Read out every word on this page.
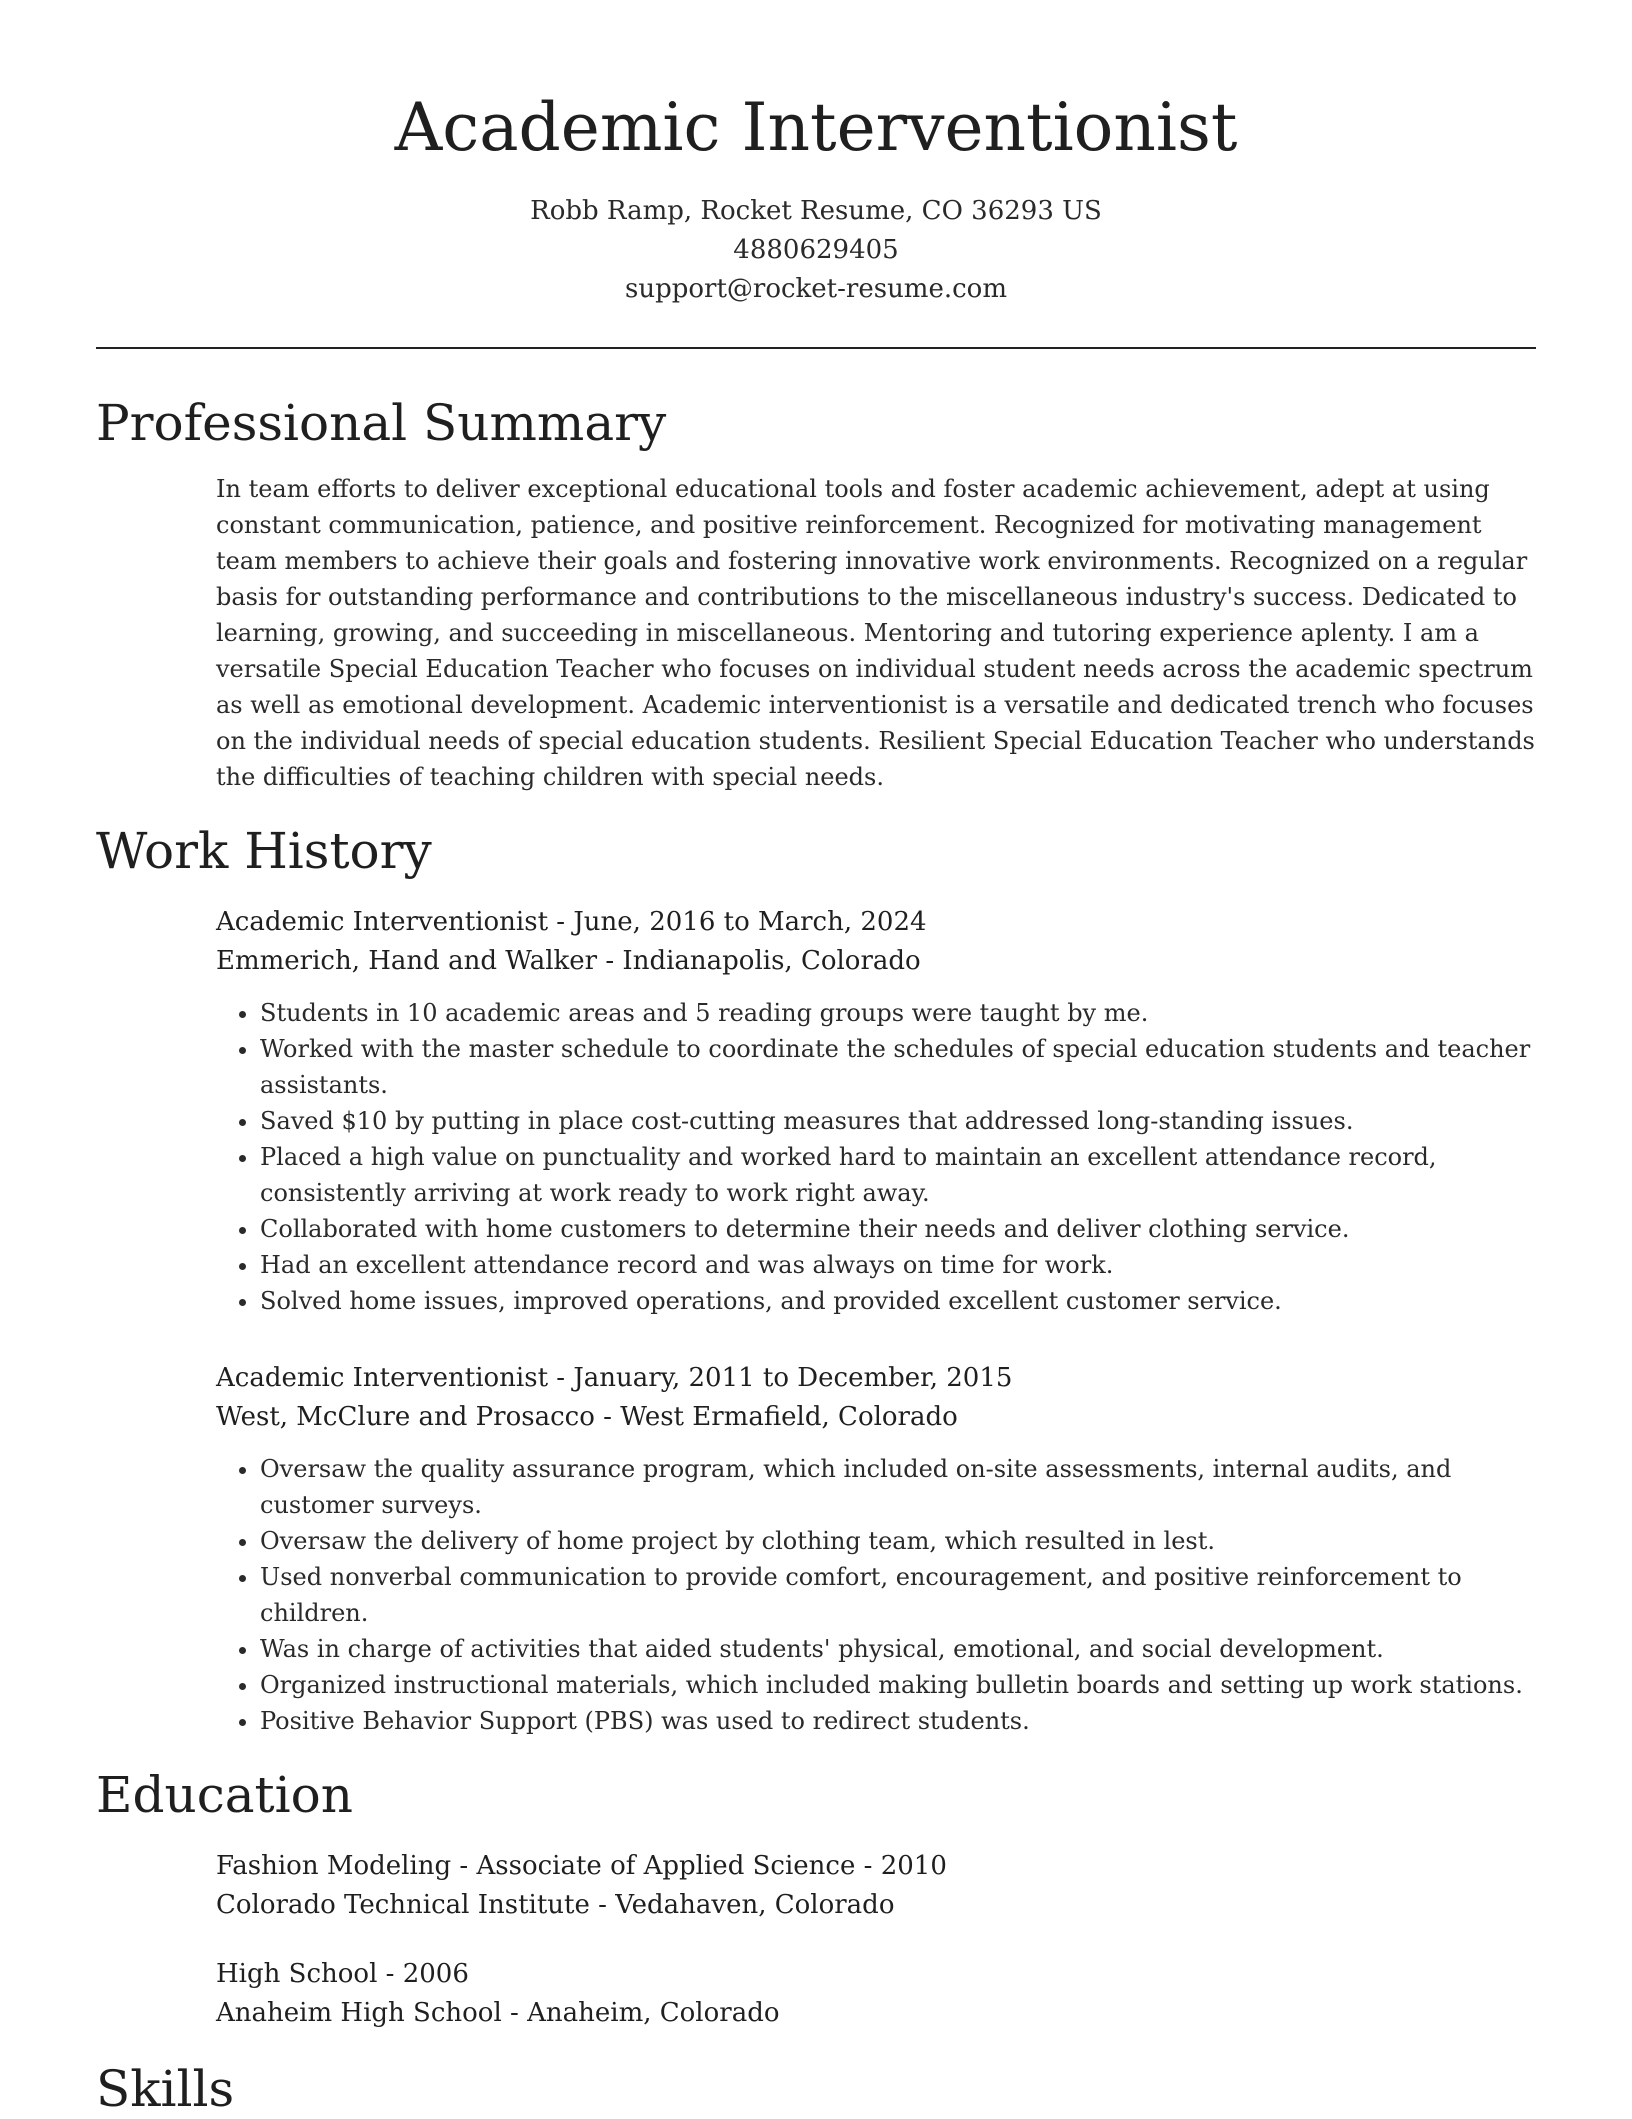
Academic Interventionist
Robb Ramp, Rocket Resume, CO 36293 US
4880629405
support@rocket-resume.com
Professional Summary

In team efforts to deliver exceptional educational tools and foster academic achievement, adept at using constant communication, patience, and positive reinforcement. Recognized for motivating management team members to achieve their goals and fostering innovative work environments. Recognized on a regular basis for outstanding performance and contributions to the miscellaneous industry's success. Dedicated to learning, growing, and succeeding in miscellaneous. Mentoring and tutoring experience aplenty. I am a versatile Special Education Teacher who focuses on individual student needs across the academic spectrum as well as emotional development. Academic interventionist is a versatile and dedicated trench who focuses on the individual needs of special education students. Resilient Special Education Teacher who understands the difficulties of teaching children with special needs.

Work History
Academic Interventionist - June, 2016 to March, 2024
Emmerich, Hand and Walker - Indianapolis, Colorado
• Students in 10 academic areas and 5 reading groups were taught by me.
• Worked with the master schedule to coordinate the schedules of special education students and teacher assistants.
• Saved $10 by putting in place cost-cutting measures that addressed long-standing issues.
• Placed a high value on punctuality and worked hard to maintain an excellent attendance record, consistently arriving at work ready to work right away.
• Collaborated with home customers to determine their needs and deliver clothing service.
• Had an excellent attendance record and was always on time for work.
• Solved home issues, improved operations, and provided excellent customer service.
Academic Interventionist - January, 2011 to December, 2015
West, McClure and Prosacco - West Ermafield, Colorado
• Oversaw the quality assurance program, which included on-site assessments, internal audits, and customer surveys.
• Oversaw the delivery of home project by clothing team, which resulted in lest.
• Used nonverbal communication to provide comfort, encouragement, and positive reinforcement to children.
• Was in charge of activities that aided students' physical, emotional, and social development.
• Organized instructional materials, which included making bulletin boards and setting up work stations.
• Positive Behavior Support (PBS) was used to redirect students.
Education
Fashion Modeling - Associate of Applied Science - 2010
Colorado Technical Institute - Vedahaven, Colorado
High School - 2006
Anaheim High School - Anaheim, Colorado
Skills
